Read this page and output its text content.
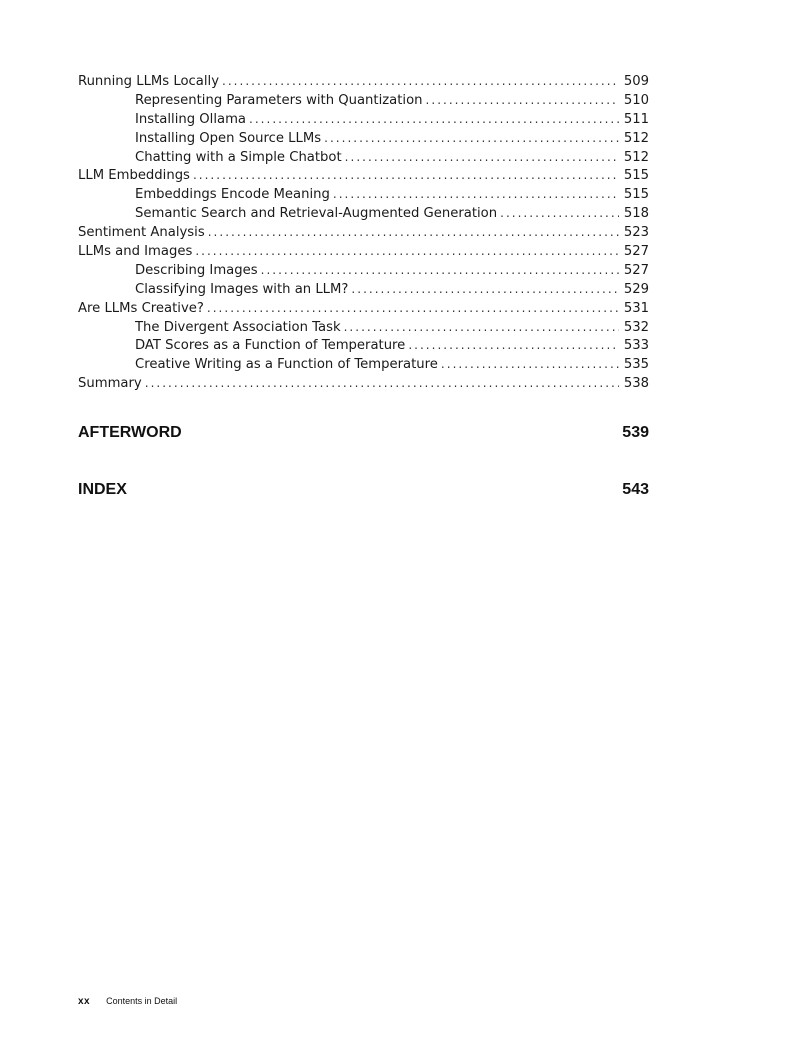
Running LLMs Locally . . .	509
Representing Parameters with Quantization . . .	510
Installing Ollama . . .	511
Installing Open Source LLMs . . .	512
Chatting with a Simple Chatbot . . .	512
LLM Embeddings . . .	515
Embeddings Encode Meaning . . .	515
Semantic Search and Retrieval-Augmented Generation . . .	518
Sentiment Analysis . . .	523
LLMs and Images . . .	527
Describing Images . . .	527
Classifying Images with an LLM? . . .	529
Are LLMs Creative? . . .	531
The Divergent Association Task . . .	532
DAT Scores as a Function of Temperature . . .	533
Creative Writing as a Function of Temperature . . .	535
Summary . . .	538
AFTERWORD	539
INDEX	543
xx Contents in Detail
